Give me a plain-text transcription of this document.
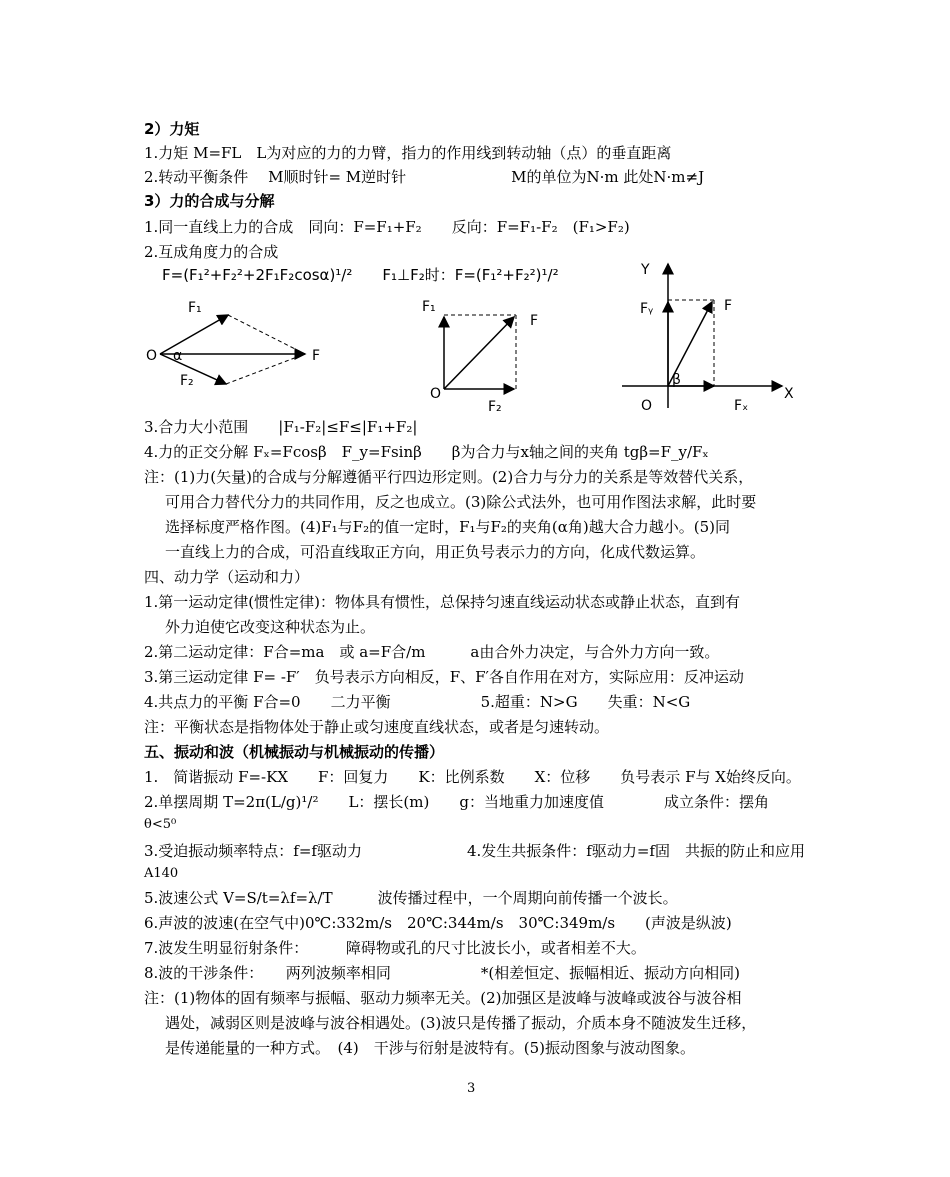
2）力矩
1.力矩 M=FL　L为对应的力的力臂，指力的作用线到转动轴（点）的垂直距离
2.转动平衡条件　 M顺时针= M逆时针　　　　　　　M的单位为N·m 此处N·m≠J
3）力的合成与分解
1.同一直线上力的合成　同向：F=F₁+F₂　　反向：F=F₁-F₂　(F₁>F₂)
2.互成角度力的合成
F=(F₁²+F₂²+2F₁F₂cosα)¹/²　　F₁⊥F₂时：F=(F₁²+F₂²)¹/²
F₁
O α	F
F₂
F₁
F
O
F₂
Y
Fᵧ	F
β
X
O	Fₓ
3.合力大小范围　　|F₁-F₂|≤F≤|F₁+F₂|
4.力的正交分解 Fₓ=Fcosβ　F_y=Fsinβ　　β为合力与x轴之间的夹角 tgβ=F_y/Fₓ
注：(1)力(矢量)的合成与分解遵循平行四边形定则。(2)合力与分力的关系是等效替代关系，
可用合力替代分力的共同作用，反之也成立。(3)除公式法外，也可用作图法求解，此时要
选择标度严格作图。(4)F₁与F₂的值一定时，F₁与F₂的夹角(α角)越大合力越小。(5)同
一直线上力的合成，可沿直线取正方向，用正负号表示力的方向，化成代数运算。
四、动力学（运动和力）
1.第一运动定律(惯性定律)：物体具有惯性，总保持匀速直线运动状态或静止状态，直到有
外力迫使它改变这种状态为止。
2.第二运动定律：F合=ma　或 a=F合/m　　　a由合外力决定，与合外力方向一致。
3.第三运动定律 F= -F′　负号表示方向相反，F、F′各自作用在对方，实际应用：反冲运动
4.共点力的平衡 F合=0　　二力平衡　　　　　　5.超重：N>G　　失重：N<G
注：平衡状态是指物体处于静止或匀速度直线状态，或者是匀速转动。
五、振动和波（机械振动与机械振动的传播）
1.　简谐振动 F=-KX　　F：回复力　　K：比例系数　　X：位移　　负号表示 F与 X始终反向。
2.单摆周期 T=2π(L/g)¹/²　　L：摆长(m)　　g：当地重力加速度值　　　　成立条件：摆角
θ<5⁰
3.受迫振动频率特点：f=f驱动力　　　　　　　4.发生共振条件：f驱动力=f固　共振的防止和应用
A140
5.波速公式 V=S/t=λf=λ/T　　　波传播过程中，一个周期向前传播一个波长。
6.声波的波速(在空气中)0℃:332m/s　20℃:344m/s　30℃:349m/s　　(声波是纵波)
7.波发生明显衍射条件：　　　障碍物或孔的尺寸比波长小，或者相差不大。
8.波的干涉条件：　　两列波频率相同　　　　　　*(相差恒定、振幅相近、振动方向相同)
注：(1)物体的固有频率与振幅、驱动力频率无关。(2)加强区是波峰与波峰或波谷与波谷相
遇处，减弱区则是波峰与波谷相遇处。(3)波只是传播了振动，介质本身不随波发生迁移，
是传递能量的一种方式。　(4)　干涉与衍射是波特有。(5)振动图象与波动图象。
3
